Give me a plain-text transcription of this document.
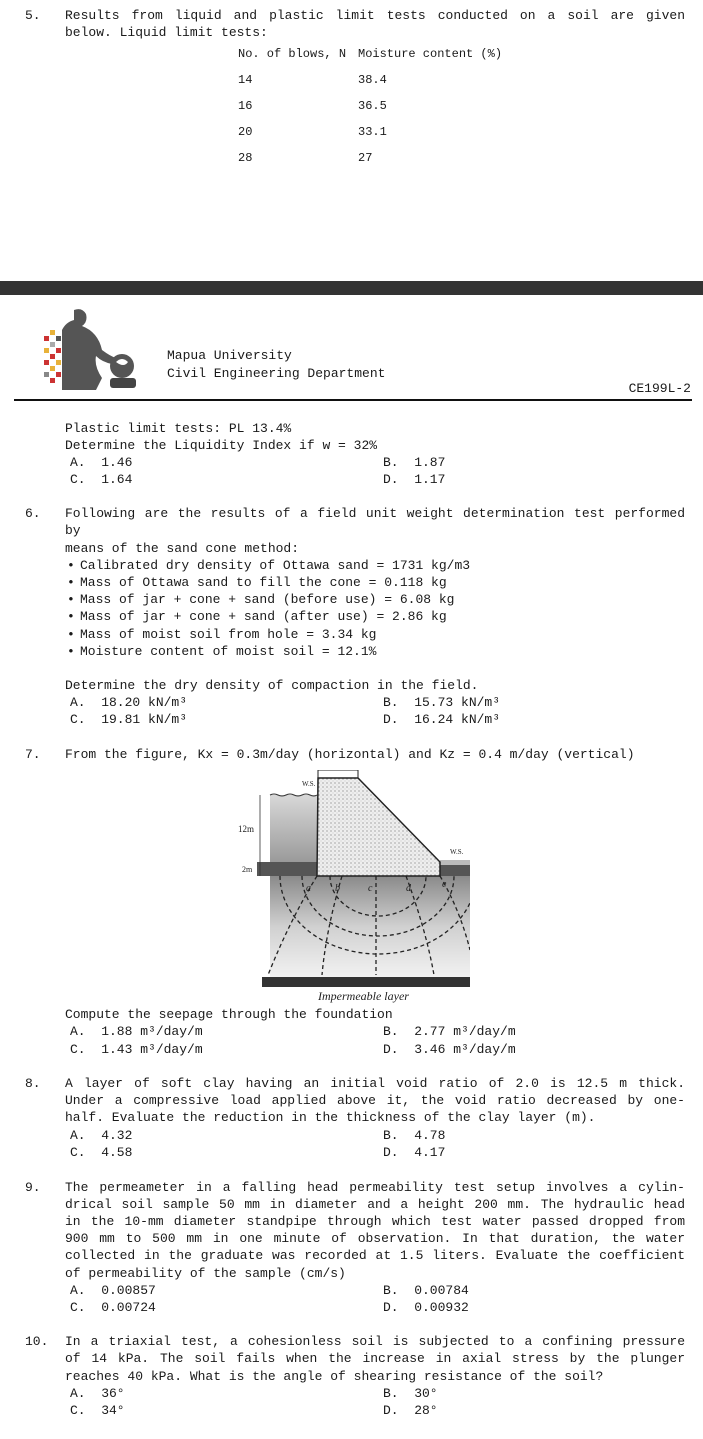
5. Results from liquid and plastic limit tests conducted on a soil are given
below. Liquid limit tests:
No. of blows, N Moisture content (%)
14	38.4
16	36.5
20	33.1
28	27
Mapua University
Civil Engineering Department
CE199L-2
Plastic limit tests: PL 13.4%
Determine the Liquidity Index if w = 32%
A.  1.46	B.  1.87
C.  1.64	D.  1.17
6. Following are the results of a field unit weight determination test performed
by
means of the sand cone method:
• Calibrated dry density of Ottawa sand = 1731 kg/m3
• Mass of Ottawa sand to fill the cone = 0.118 kg
• Mass of jar + cone + sand (before use) = 6.08 kg
• Mass of jar + cone + sand (after use) = 2.86 kg
• Mass of moist soil from hole = 3.34 kg
• Moisture content of moist soil = 12.1%
Determine the dry density of compaction in the field.
A.  18.20 kN/m³	B.  15.73 kN/m³
C.  19.81 kN/m³	D.  16.24 kN/m³
7. From the figure, Kx = 0.3m/day (horizontal) and Kz = 0.4 m/day (vertical)
W.S.
W.S.
12m
2m	3m	3m	3m	3m
a b	c	d	e
Impermeable layer
Compute the seepage through the foundation
A.  1.88 m³/day/m	B.  2.77 m³/day/m
C.  1.43 m³/day/m	D.  3.46 m³/day/m
8. A layer of soft clay having an initial void ratio of 2.0 is 12.5 m thick.
Under a compressive load applied above it, the void ratio decreased by one-
half. Evaluate the reduction in the thickness of the clay layer (m).
A.  4.32	B.  4.78
C.  4.58	D.  4.17
9. The permeameter in a falling head permeability test setup involves a cylin-
drical soil sample 50 mm in diameter and a height 200 mm. The hydraulic head
in the 10-mm diameter standpipe through which test water passed dropped from
900 mm to 500 mm in one minute of observation. In that duration, the water
collected in the graduate was recorded at 1.5 liters. Evaluate the coefficient
of permeability of the sample (cm/s)
A.  0.00857	B.  0.00784
C.  0.00724	D.  0.00932
10. In a triaxial test, a cohesionless soil is subjected to a confining pressure
of 14 kPa. The soil fails when the increase in axial stress by the plunger
reaches 40 kPa. What is the angle of shearing resistance of the soil?
A.  36°	B.  30°
C.  34°	D.  28°
